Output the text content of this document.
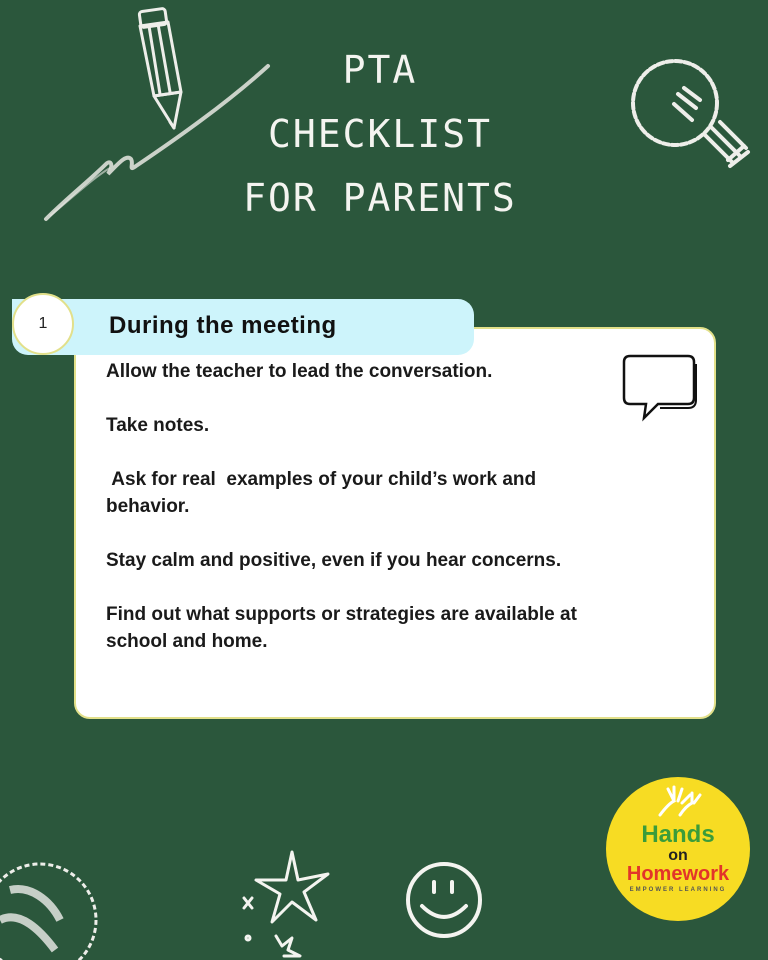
PTA
CHECKLIST
FOR PARENTS
1	During the meeting

Allow the teacher to lead the conversation.

Take notes.

Ask for real  examples of your child’s work and behavior.

Stay calm and positive, even if you hear concerns.

Find out what supports or strategies are available at school and home.

Hands
on
Homework
EMPOWER LEARNING
